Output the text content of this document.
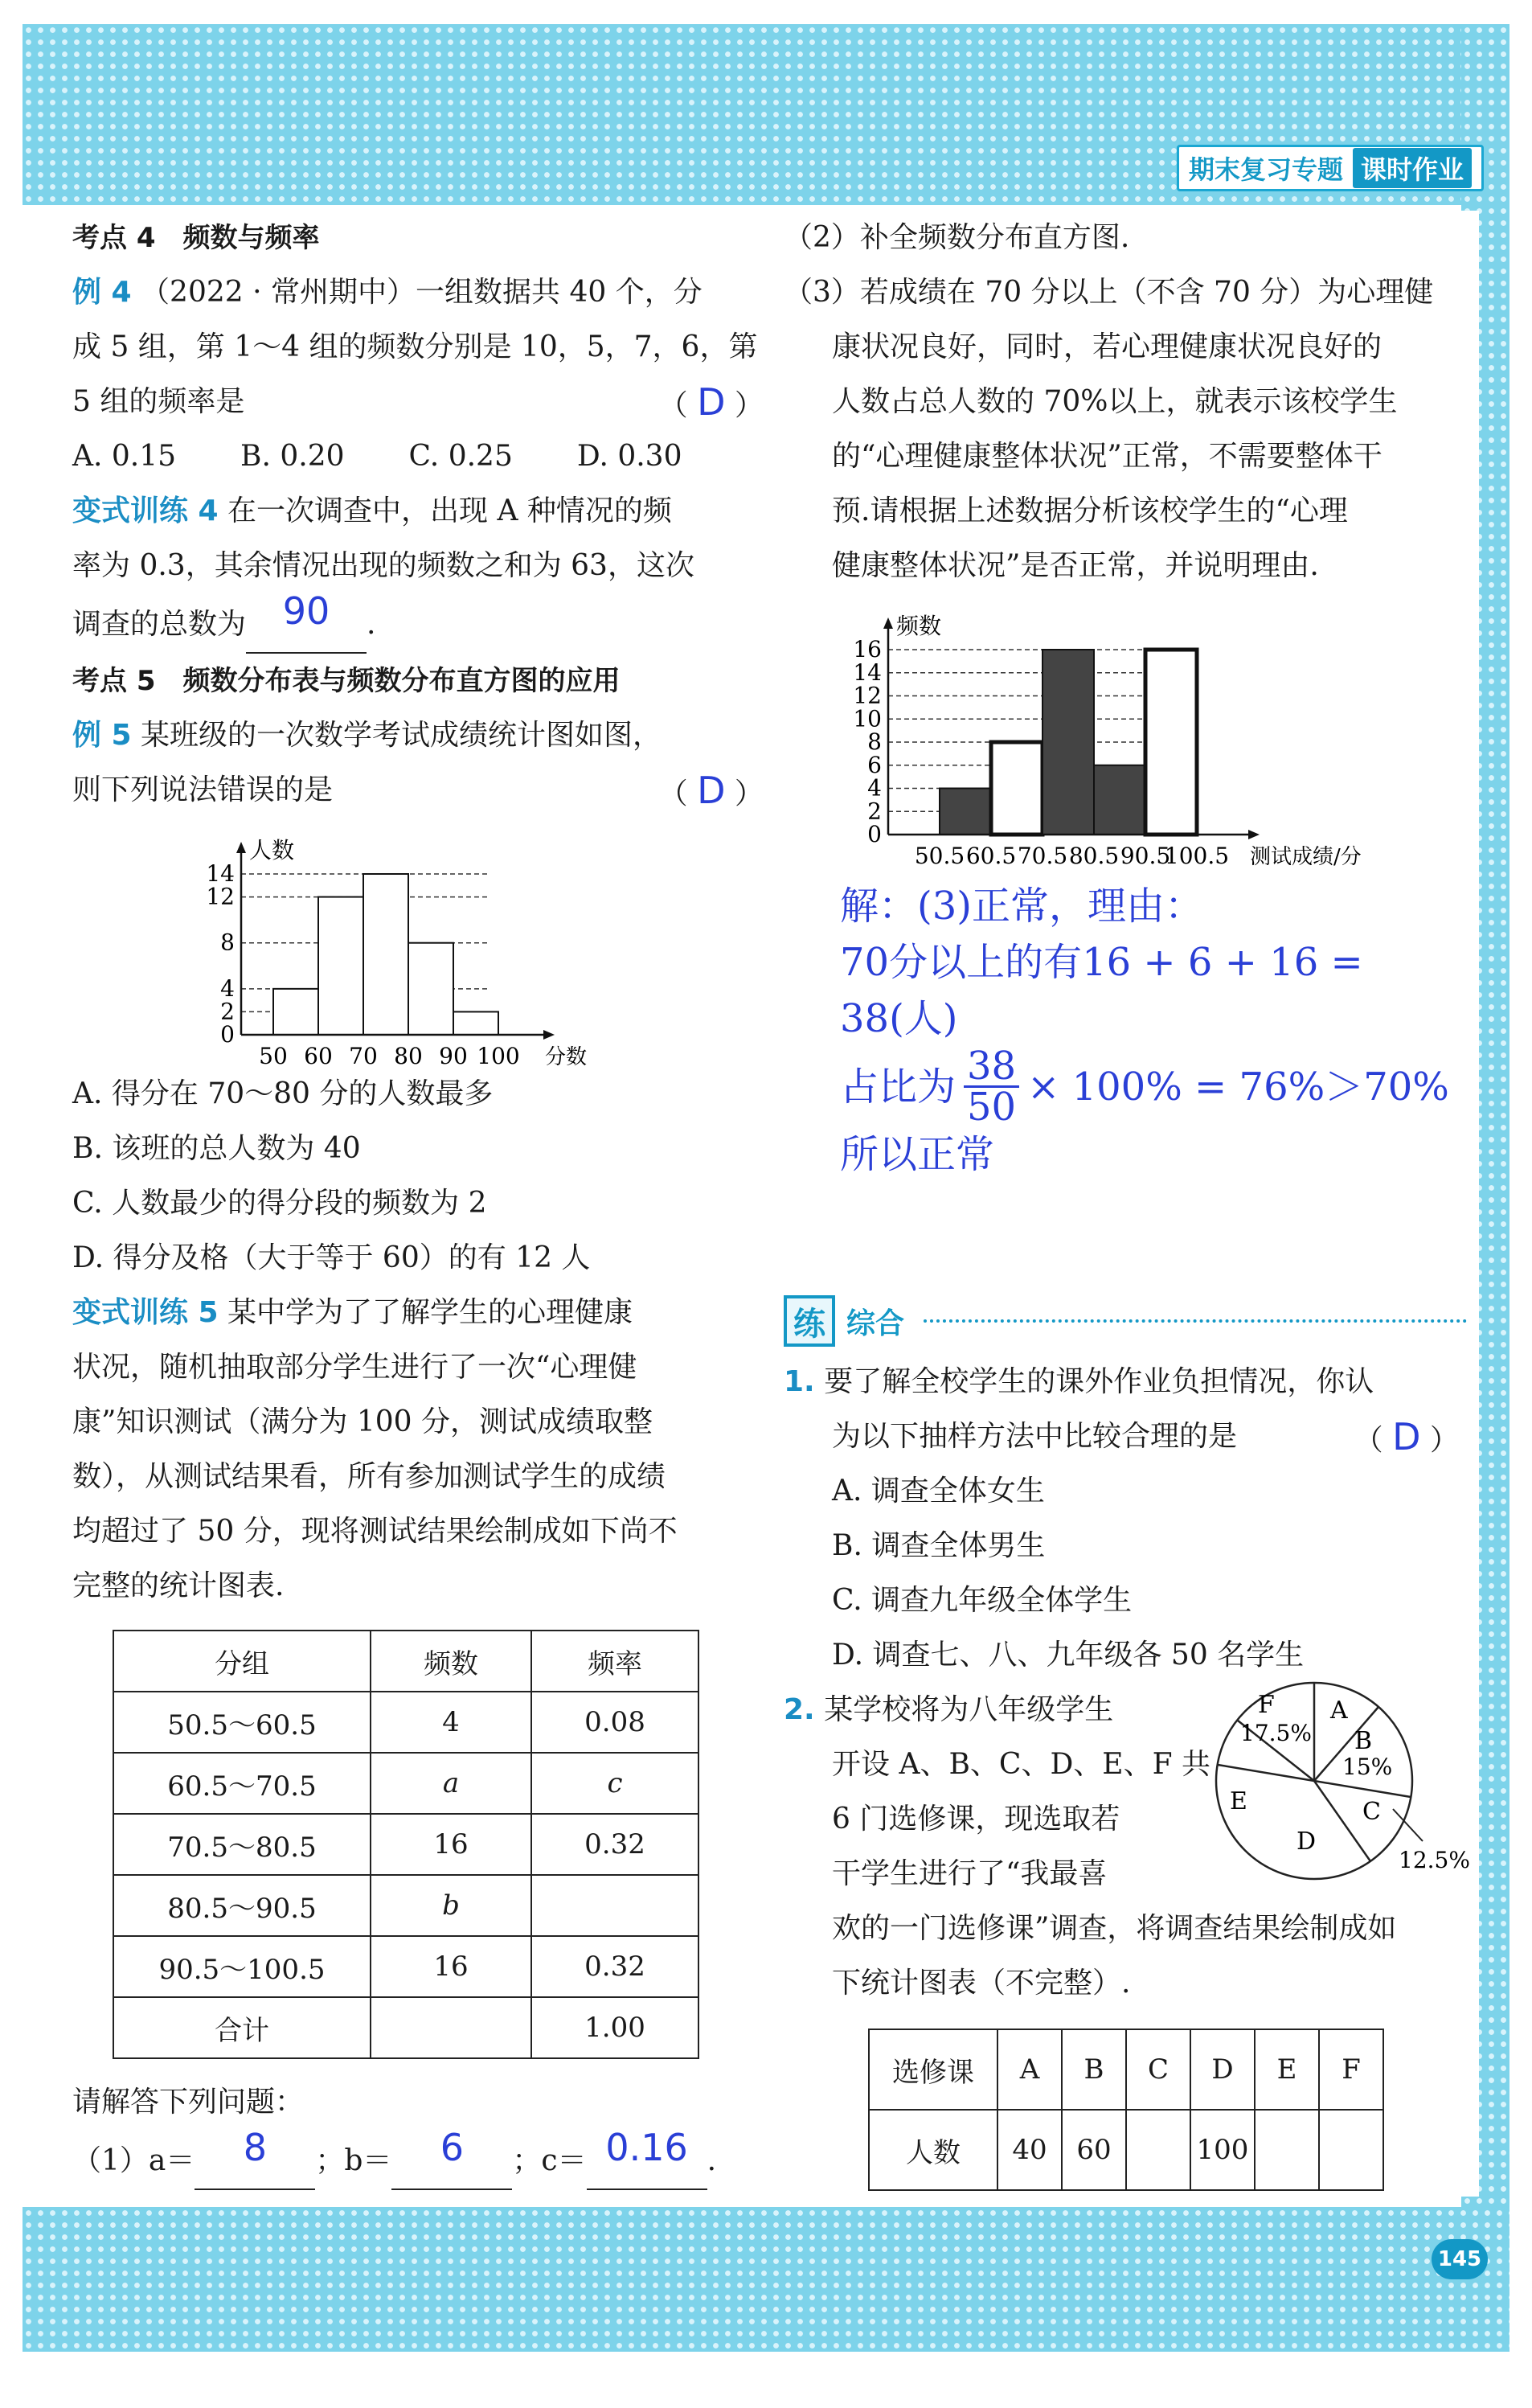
期末复习专题 课时作业
145
考点 4　频数与频率
例 4 （2022 · 常州期中）一组数据共 40 个，分
成 5 组，第 1～4 组的频数分别是 10，5，7，6，第
5 组的频率是	（ D ）
A. 0.15 B. 0.20 C. 0.25 D. 0.30
变式训练 4 在一次调查中，出现 A 种情况的频
率为 0.3，其余情况出现的频数之和为 63，这次
调查的总数为 90 .
考点 5　频数分布表与频数分布直方图的应用
例 5 某班级的一次数学考试成绩统计图如图，
则下列说法错误的是	（ D ）
0
2
4
8
12
14
50 60 70 80 90 100
人数
分数
A. 得分在 70～80 分的人数最多
B. 该班的总人数为 40
C. 人数最少的得分段的频数为 2
D. 得分及格（大于等于 60）的有 12 人
变式训练 5 某中学为了了解学生的心理健康
状况，随机抽取部分学生进行了一次“心理健
康”知识测试（满分为 100 分，测试成绩取整
数），从测试结果看，所有参加测试学生的成绩
均超过了 50 分，现将测试结果绘制成如下尚不
完整的统计图表.
分组	频数	频率
50.5～60.5	4	0.08
60.5～70.5	a	c
70.5～80.5	16	0.32
80.5～90.5	b	
90.5～100.5	16	0.32
合计		1.00
请解答下列问题：
（1）a＝ 8 ；b＝ 6 ；c＝ 0.16 .
（2）补全频数分布直方图.
（3）若成绩在 70 分以上（不含 70 分）为心理健
康状况良好，同时，若心理健康状况良好的
人数占总人数的 70%以上，就表示该校学生
的“心理健康整体状况”正常，不需要整体干
预.请根据上述数据分析该校学生的“心理
健康整体状况”是否正常，并说明理由.
0
2
4
6
8
10
12
14
16
50.5 60.5 70.5 80.5 90.5
100.5
频数
测试成绩/分
解：(3)正常，理由：
70分以上的有16 + 6 + 16 = 38(人)
占比为 $\frac{38}{50} \times 100\% = 76\%>70\%$
所以正常
练 综合
1. 要了解全校学生的课外作业负担情况，你认
为以下抽样方法中比较合理的是	（ D ）
A. 调查全体女生
B. 调查全体男生
C. 调查九年级全体学生
D. 调查七、八、九年级各 50 名学生
2. 某学校将为八年级学生
开设 A、B、C、D、E、F 共
6 门选修课，现选取若
干学生进行了“我最喜
欢的一门选修课”调查，将调查结果绘制成如
下统计图表（不完整）.
A
B
15%
C
D
E
F
17.5%
12.5%
选修课	A	B	C	D	E	F
人数	40	60		100		
